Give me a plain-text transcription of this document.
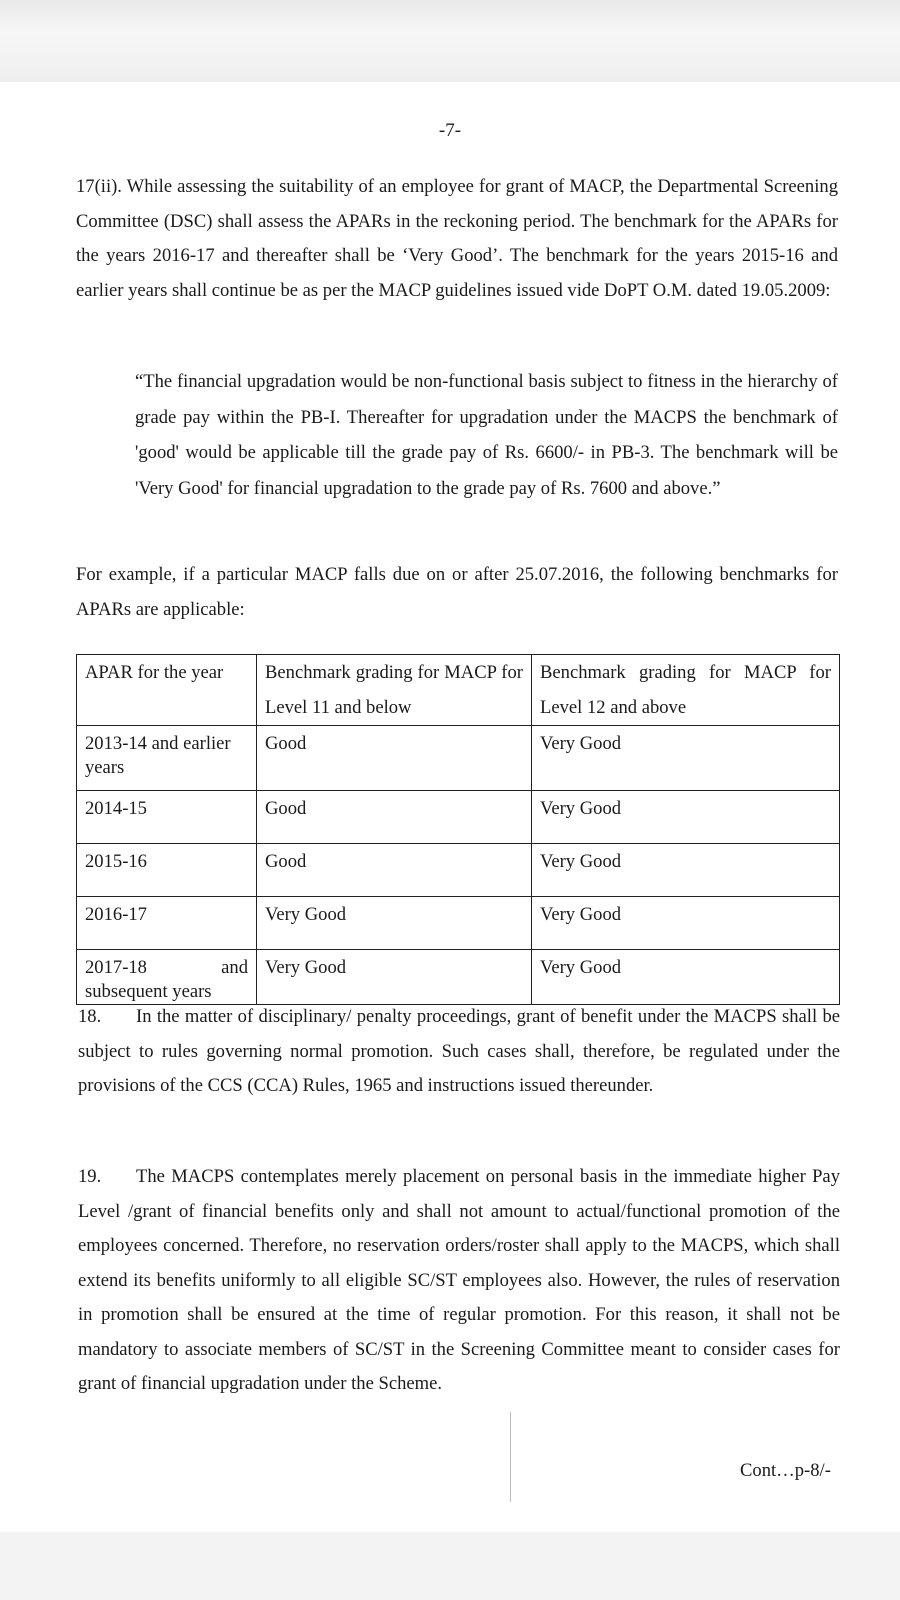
-7-

17(ii). While assessing the suitability of an employee for grant of MACP, the Departmental Screening Committee (DSC) shall assess the APARs in the reckoning period. The benchmark for the APARs for the years 2016-17 and thereafter shall be ‘Very Good’. The benchmark for the years 2015-16 and earlier years shall continue be as per the MACP guidelines issued vide DoPT O.M. dated 19.05.2009:

“The financial upgradation would be non-functional basis subject to fitness in the hierarchy of grade pay within the PB-I. Thereafter for upgradation under the MACPS the benchmark of 'good' would be applicable till the grade pay of Rs. 6600/- in PB-3. The benchmark will be 'Very Good' for financial upgradation to the grade pay of Rs. 7600 and above.”

For example, if a particular MACP falls due on or after 25.07.2016, the following benchmarks for APARs are applicable:

APAR for the year	Benchmark grading for MACP for Level 11 and below	Benchmark grading for MACP for Level 12 and above
2013-14 and earlier years	Good	Very Good
2014-15	Good	Very Good
2015-16	Good	Very Good
2016-17	Very Good	Very Good

2017-18 and
subsequent years	Very Good	Very Good

18. In the matter of disciplinary/ penalty proceedings, grant of benefit under the MACPS shall be subject to rules governing normal promotion. Such cases shall, therefore, be regulated under the provisions of the CCS (CCA) Rules, 1965 and instructions issued thereunder.

19. The MACPS contemplates merely placement on personal basis in the immediate higher Pay Level /grant of financial benefits only and shall not amount to actual/functional promotion of the employees concerned. Therefore, no reservation orders/roster shall apply to the MACPS, which shall extend its benefits uniformly to all eligible SC/ST employees also. However, the rules of reservation in promotion shall be ensured at the time of regular promotion. For this reason, it shall not be mandatory to associate members of SC/ST in the Screening Committee meant to consider cases for grant of financial upgradation under the Scheme.

Cont…p-8/-
